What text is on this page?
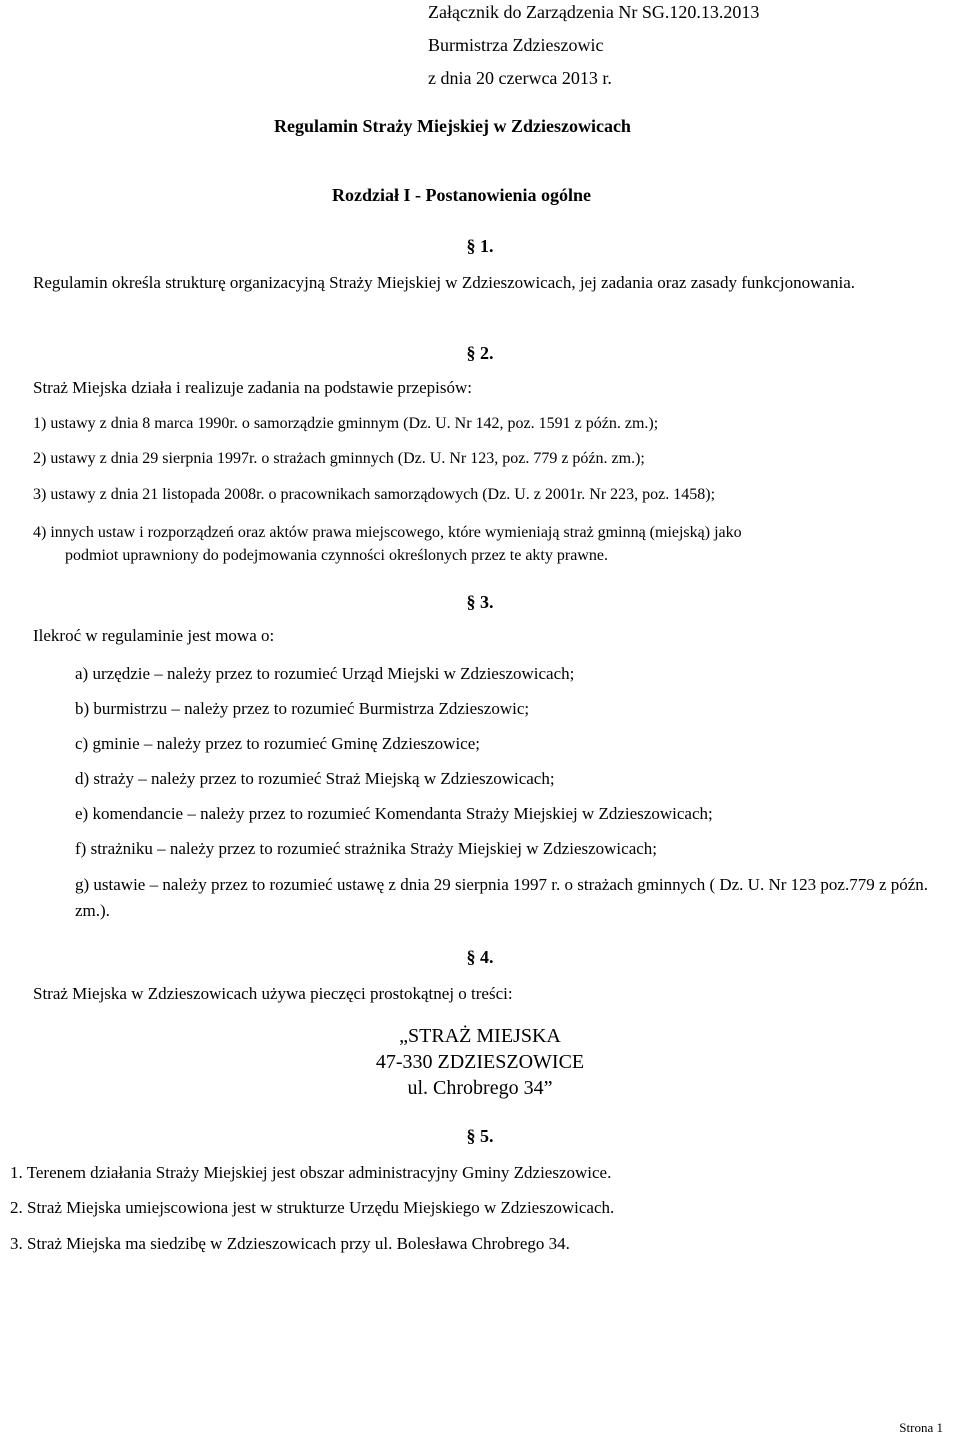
Załącznik do Zarządzenia Nr SG.120.13.2013
Burmistrza Zdzieszowic
z dnia 20 czerwca 2013 r.
Regulamin Straży Miejskiej w Zdzieszowicach
Rozdział I - Postanowienia ogólne
§ 1.
Regulamin określa strukturę organizacyjną Straży Miejskiej w Zdzieszowicach, jej zadania oraz zasady funkcjonowania.
§ 2.
Straż Miejska działa i realizuje zadania na podstawie przepisów:
1) ustawy z dnia 8 marca 1990r. o samorządzie gminnym (Dz. U. Nr 142, poz. 1591 z późn. zm.);
2) ustawy z dnia 29 sierpnia 1997r. o strażach gminnych (Dz. U. Nr 123, poz. 779 z późn. zm.);
3) ustawy z dnia 21 listopada 2008r. o pracownikach samorządowych (Dz. U. z 2001r. Nr 223, poz. 1458);
4) innych ustaw i rozporządzeń oraz aktów prawa miejscowego, które wymieniają straż gminną (miejską) jako
podmiot uprawniony do podejmowania czynności określonych przez te akty prawne.
§ 3.
Ilekroć w regulaminie jest mowa o:
a) urzędzie – należy przez to rozumieć Urząd Miejski w Zdzieszowicach;
b) burmistrzu – należy przez to rozumieć Burmistrza Zdzieszowic;
c) gminie – należy przez to rozumieć Gminę Zdzieszowice;
d) straży – należy przez to rozumieć Straż Miejską w Zdzieszowicach;
e) komendancie – należy przez to rozumieć Komendanta Straży Miejskiej w Zdzieszowicach;
f) strażniku – należy przez to rozumieć strażnika Straży Miejskiej w Zdzieszowicach;
g) ustawie – należy przez to rozumieć ustawę z dnia 29 sierpnia 1997 r. o strażach gminnych ( Dz. U. Nr 123 poz.779 z późn. zm.).
§ 4.
Straż Miejska w Zdzieszowicach używa pieczęci prostokątnej o treści:
„STRAŻ MIEJSKA
47-330 ZDZIESZOWICE
ul. Chrobrego 34”
§ 5.
1. Terenem działania Straży Miejskiej jest obszar administracyjny Gminy Zdzieszowice.
2. Straż Miejska umiejscowiona jest w strukturze Urzędu Miejskiego w Zdzieszowicach.
3. Straż Miejska ma siedzibę w Zdzieszowicach przy ul. Bolesława Chrobrego 34.
Strona 1
